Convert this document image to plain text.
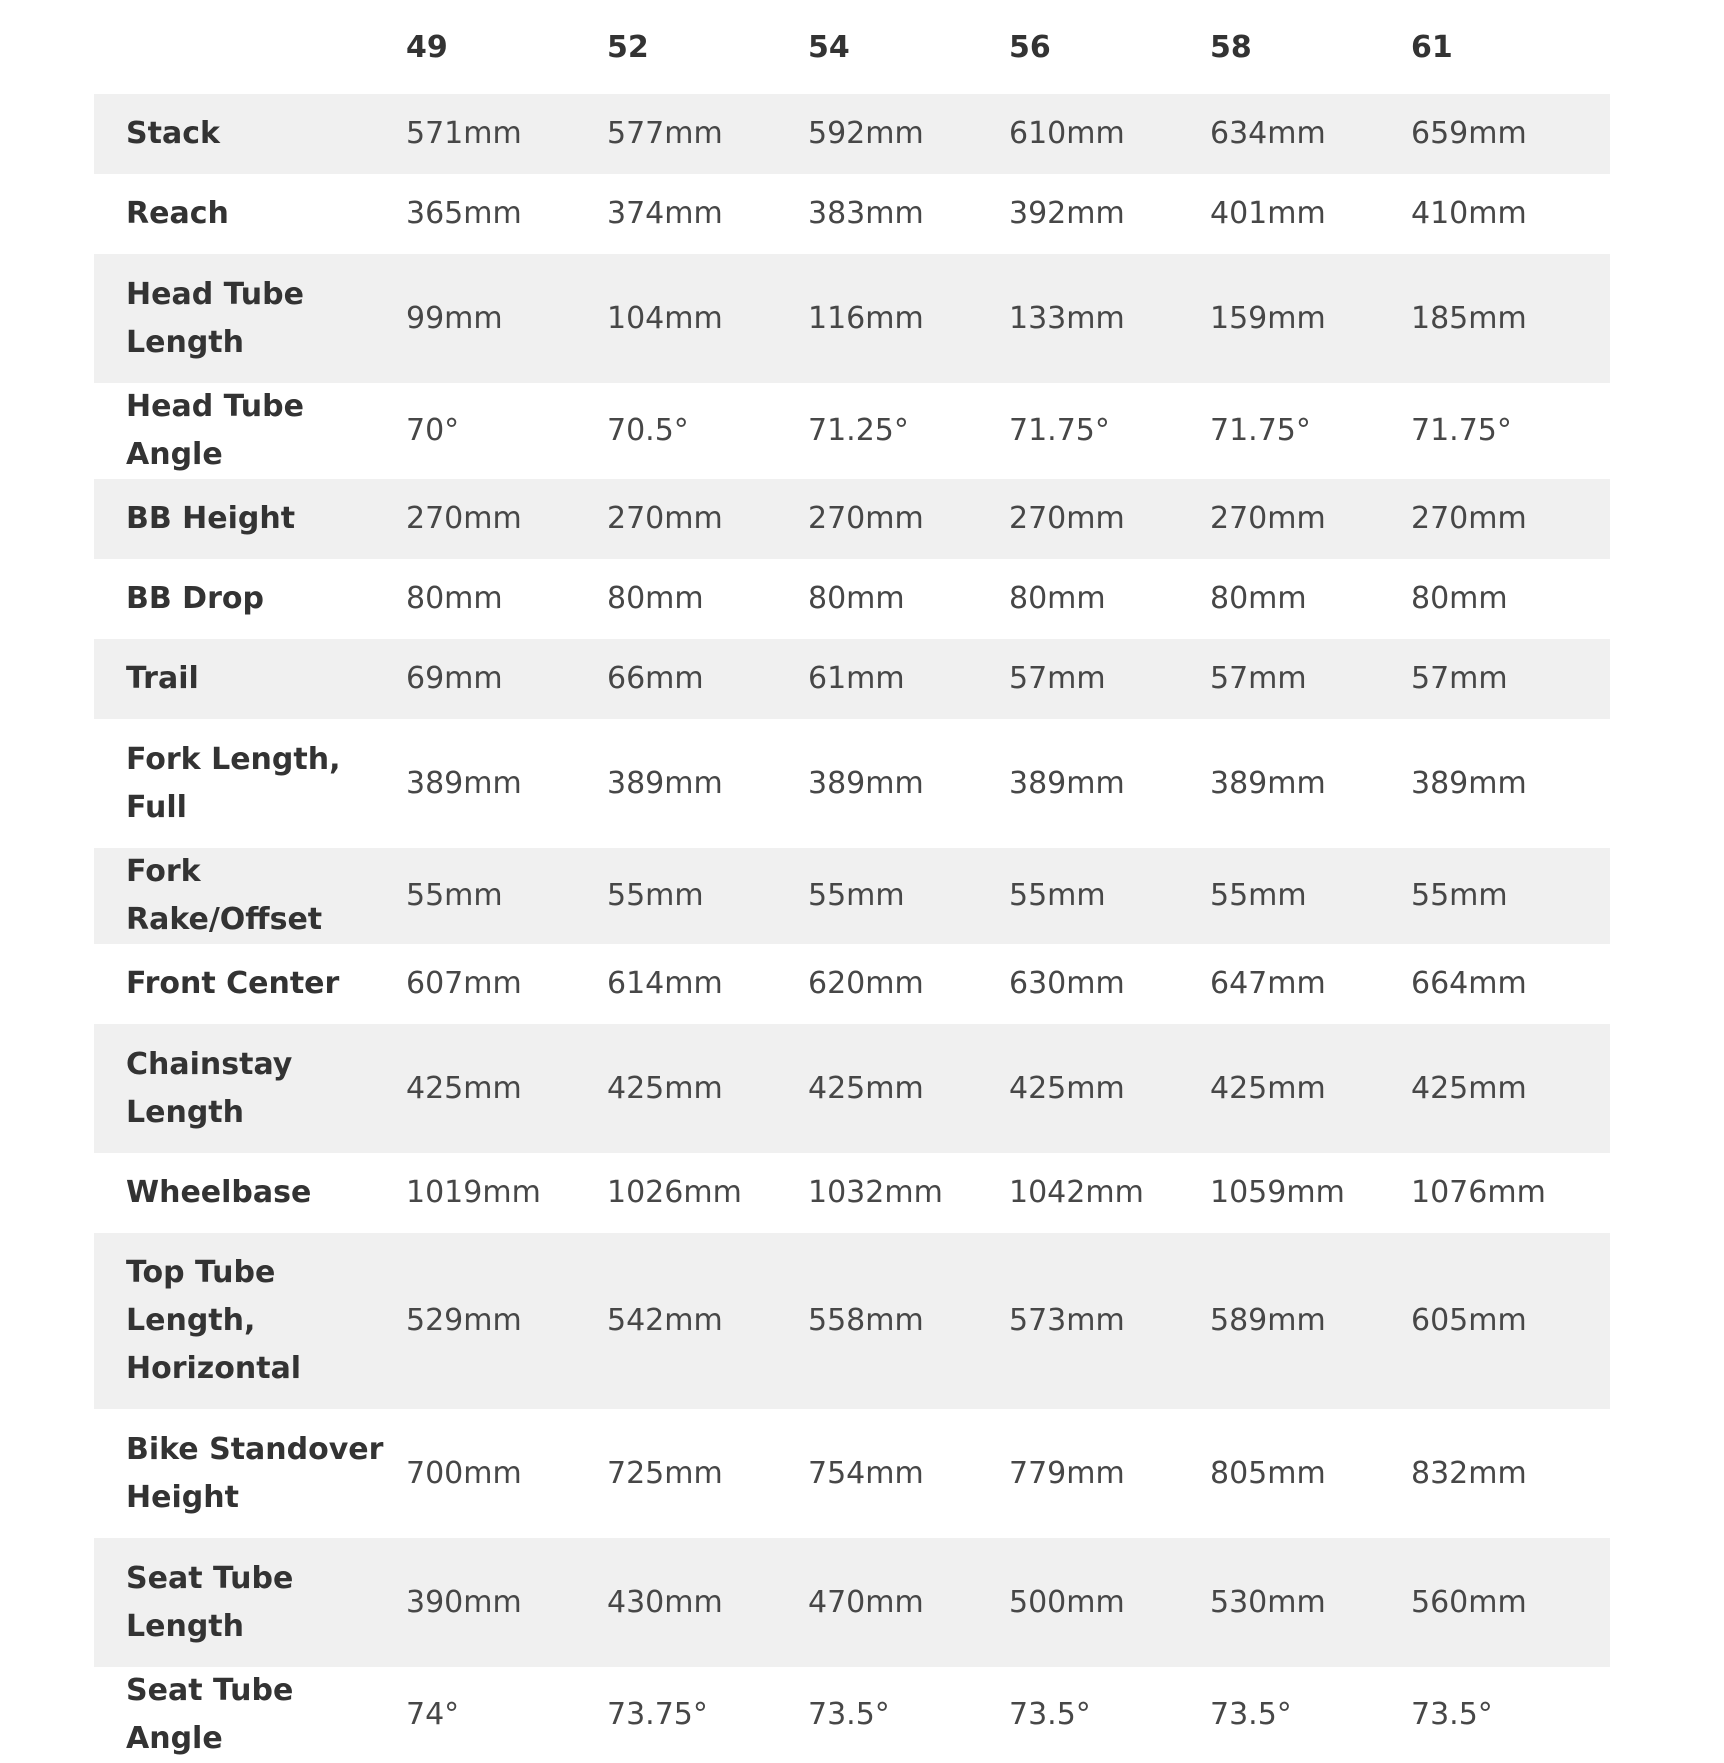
	49	52	54	56	58	61
Stack	571mm	577mm	592mm	610mm	634mm	659mm
Reach	365mm	374mm	383mm	392mm	401mm	410mm
Head Tube Length	99mm	104mm	116mm	133mm	159mm	185mm
Head Tube Angle	70°	70.5°	71.25°	71.75°	71.75°	71.75°
BB Height	270mm	270mm	270mm	270mm	270mm	270mm
BB Drop	80mm	80mm	80mm	80mm	80mm	80mm
Trail	69mm	66mm	61mm	57mm	57mm	57mm
Fork Length, Full	389mm	389mm	389mm	389mm	389mm	389mm
Fork Rake/Offset	55mm	55mm	55mm	55mm	55mm	55mm
Front Center	607mm	614mm	620mm	630mm	647mm	664mm
Chainstay Length	425mm	425mm	425mm	425mm	425mm	425mm
Wheelbase	1019mm	1026mm	1032mm	1042mm	1059mm	1076mm
Top Tube Length, Horizontal	529mm	542mm	558mm	573mm	589mm	605mm
Bike Standover Height	700mm	725mm	754mm	779mm	805mm	832mm
Seat Tube Length	390mm	430mm	470mm	500mm	530mm	560mm
Seat Tube Angle	74°	73.75°	73.5°	73.5°	73.5°	73.5°
